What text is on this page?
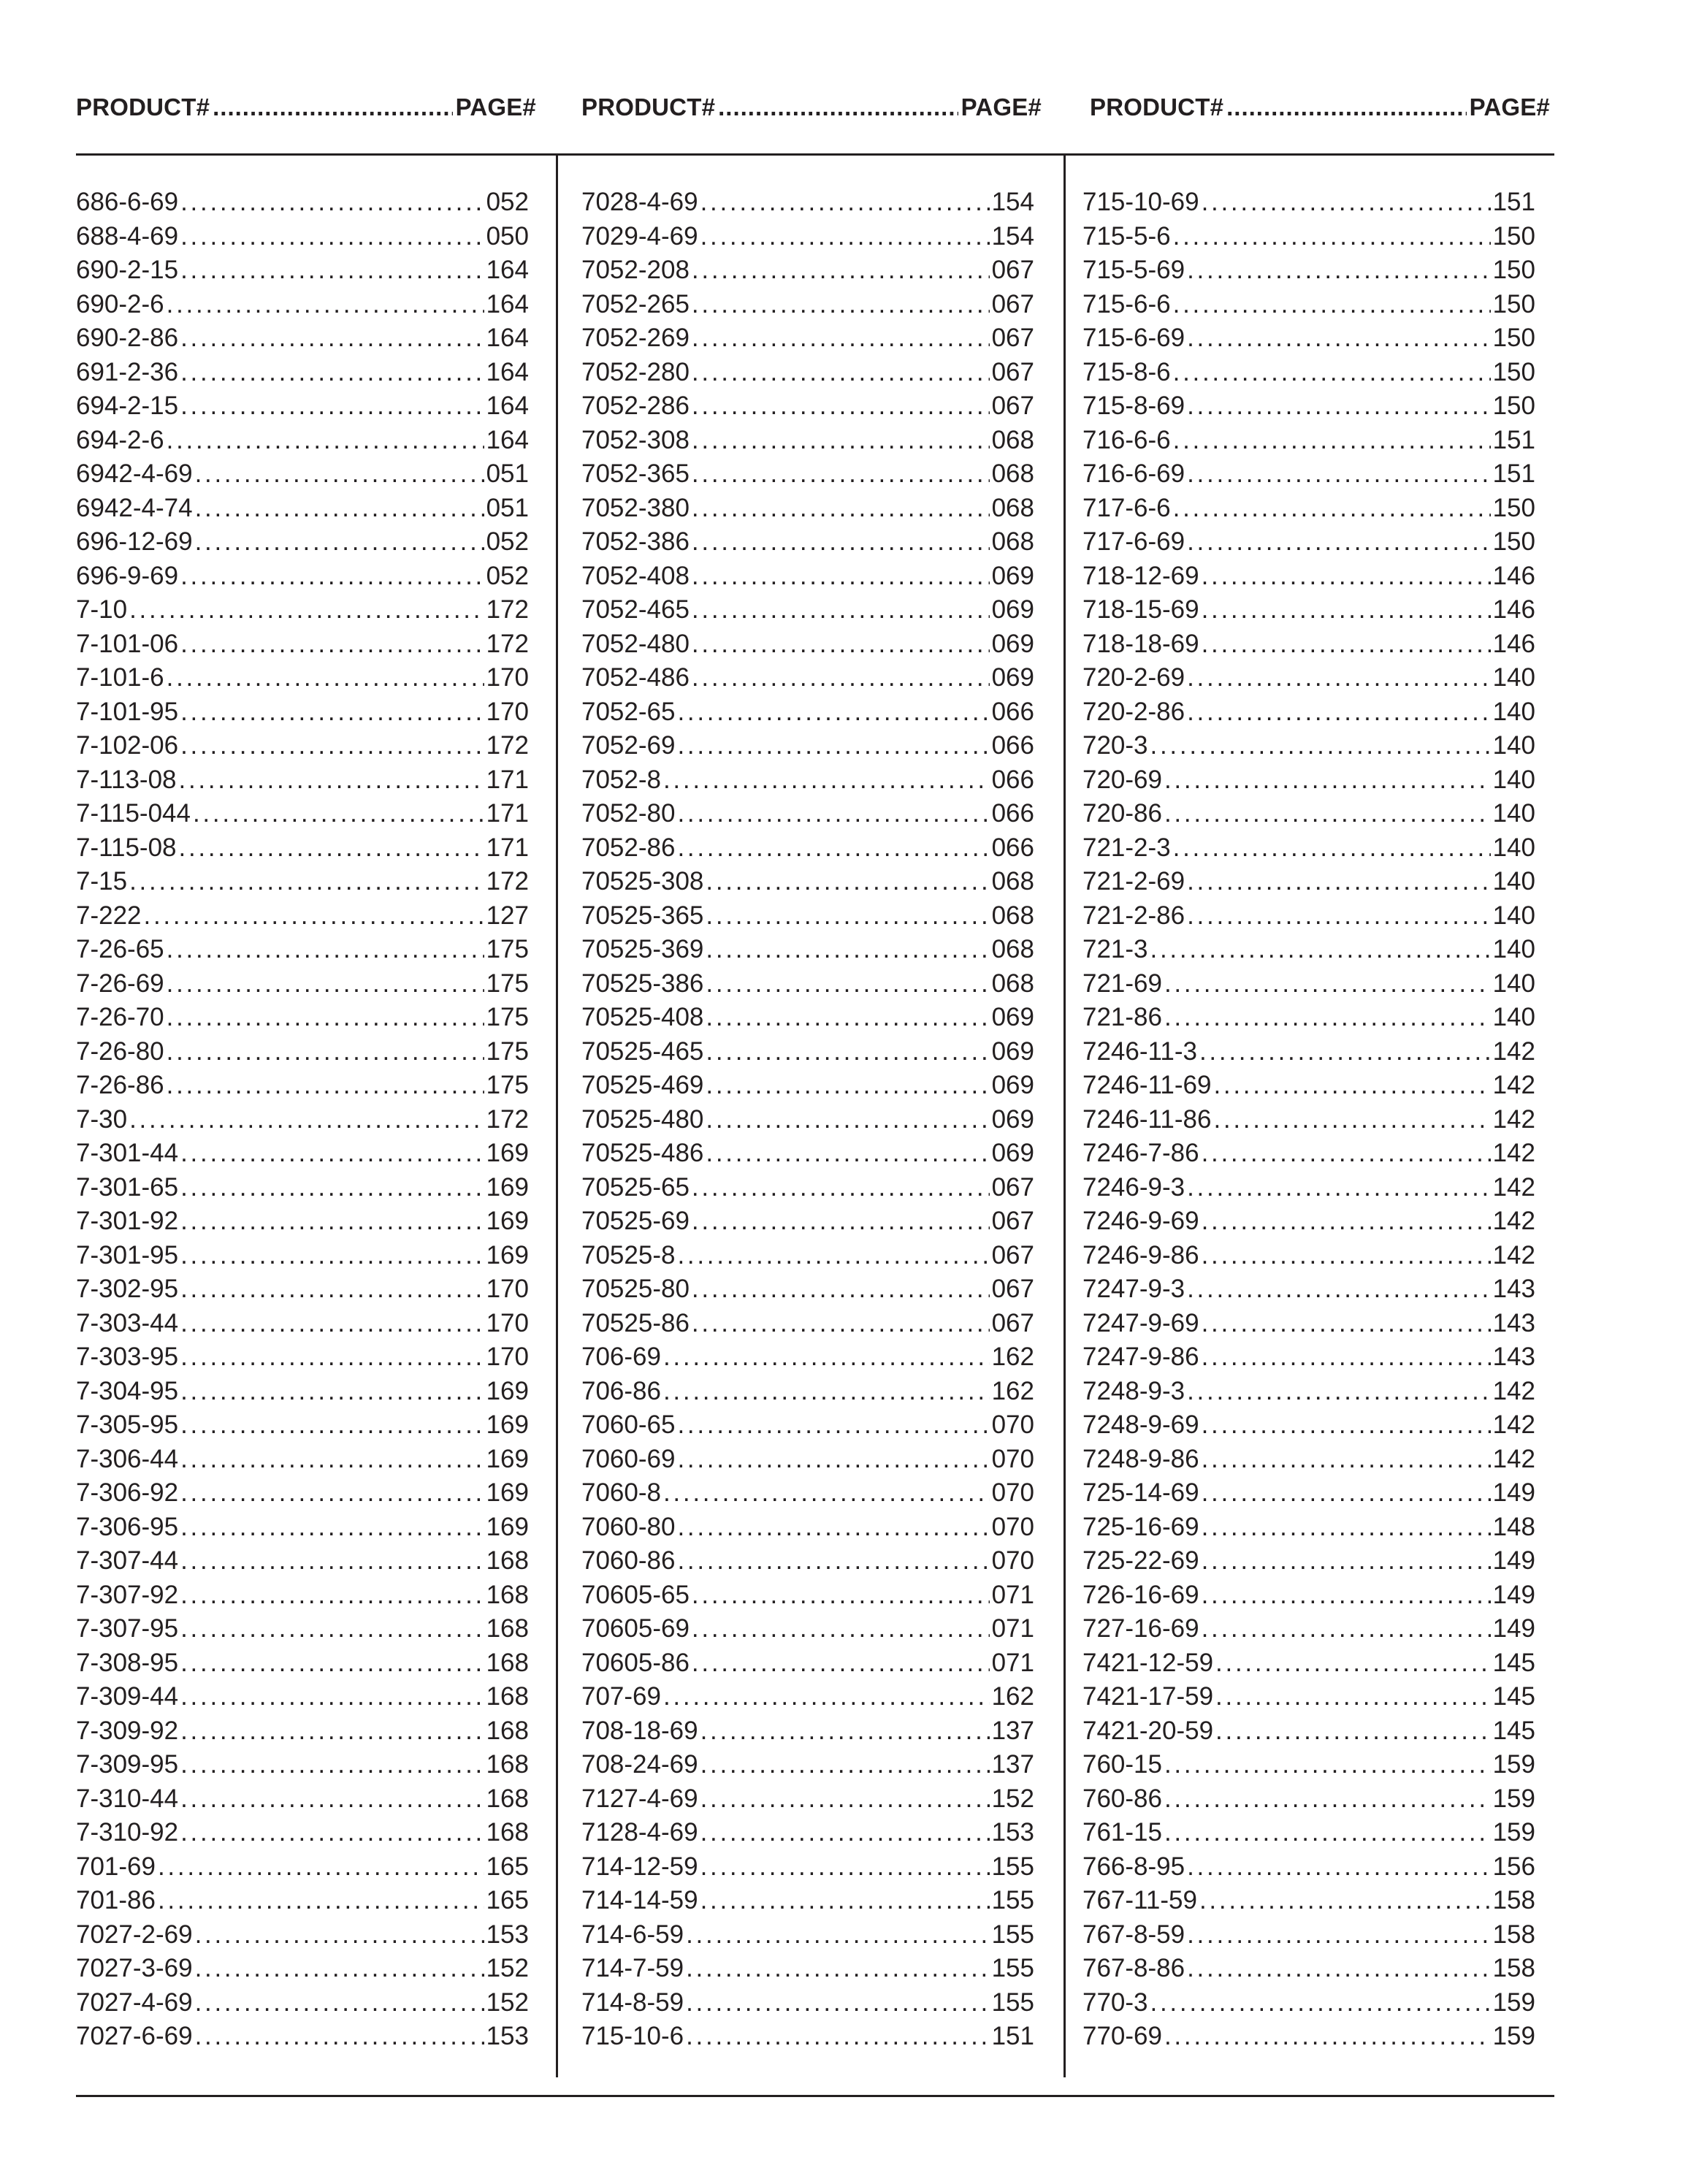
PRODUCT# .....	PAGE# PRODUCT# .....	PAGE# PRODUCT# .....	PAGE#
686-6-69 . . .	052
688-4-69 . . .	050
690-2-15 . . .	164
690-2-6 . . .	164
690-2-86 . . .	164
691-2-36 . . .	164
694-2-15 . . .	164
694-2-6 . . .	164
6942-4-69 . . .	051
6942-4-74 . . .	051
696-12-69 . . .	052
696-9-69 . . .	052
7-10 . . .	172
7-101-06 . . .	172
7-101-6 . . .	170
7-101-95 . . .	170
7-102-06 . . .	172
7-113-08 . . .	171
7-115-044 . . .	171
7-115-08 . . .	171
7-15 . . .	172
7-222 . . .	127
7-26-65 . . .	175
7-26-69 . . .	175
7-26-70 . . .	175
7-26-80 . . .	175
7-26-86 . . .	175
7-30 . . .	172
7-301-44 . . .	169
7-301-65 . . .	169
7-301-92 . . .	169
7-301-95 . . .	169
7-302-95 . . .	170
7-303-44 . . .	170
7-303-95 . . .	170
7-304-95 . . .	169
7-305-95 . . .	169
7-306-44 . . .	169
7-306-92 . . .	169
7-306-95 . . .	169
7-307-44 . . .	168
7-307-92 . . .	168
7-307-95 . . .	168
7-308-95 . . .	168
7-309-44 . . .	168
7-309-92 . . .	168
7-309-95 . . .	168
7-310-44 . . .	168
7-310-92 . . .	168
701-69 . . .	165
701-86 . . .	165
7027-2-69 . . .	153
7027-3-69 . . .	152
7027-4-69 . . .	152
7027-6-69 . . .	153
7028-4-69 . . .	154
7029-4-69 . . .	154
7052-208 . . .	067
7052-265 . . .	067
7052-269 . . .	067
7052-280 . . .	067
7052-286 . . .	067
7052-308 . . .	068
7052-365 . . .	068
7052-380 . . .	068
7052-386 . . .	068
7052-408 . . .	069
7052-465 . . .	069
7052-480 . . .	069
7052-486 . . .	069
7052-65 . . .	066
7052-69 . . .	066
7052-8 . . .	066
7052-80 . . .	066
7052-86 . . .	066
70525-308 . . .	068
70525-365 . . .	068
70525-369 . . .	068
70525-386 . . .	068
70525-408 . . .	069
70525-465 . . .	069
70525-469 . . .	069
70525-480 . . .	069
70525-486 . . .	069
70525-65 . . .	067
70525-69 . . .	067
70525-8 . . .	067
70525-80 . . .	067
70525-86 . . .	067
706-69 . . .	162
706-86 . . .	162
7060-65 . . .	070
7060-69 . . .	070
7060-8 . . .	070
7060-80 . . .	070
7060-86 . . .	070
70605-65 . . .	071
70605-69 . . .	071
70605-86 . . .	071
707-69 . . .	162
708-18-69 . . .	137
708-24-69 . . .	137
7127-4-69 . . .	152
7128-4-69 . . .	153
714-12-59 . . .	155
714-14-59 . . .	155
714-6-59 . . .	155
714-7-59 . . .	155
714-8-59 . . .	155
715-10-6 . . .	151
715-10-69 . . .	151
715-5-6 . . .	150
715-5-69 . . .	150
715-6-6 . . .	150
715-6-69 . . .	150
715-8-6 . . .	150
715-8-69 . . .	150
716-6-6 . . .	151
716-6-69 . . .	151
717-6-6 . . .	150
717-6-69 . . .	150
718-12-69 . . .	146
718-15-69 . . .	146
718-18-69 . . .	146
720-2-69 . . .	140
720-2-86 . . .	140
720-3 . . .	140
720-69 . . .	140
720-86 . . .	140
721-2-3 . . .	140
721-2-69 . . .	140
721-2-86 . . .	140
721-3 . . .	140
721-69 . . .	140
721-86 . . .	140
7246-11-3 . . .	142
7246-11-69 . . .	142
7246-11-86 . . .	142
7246-7-86 . . .	142
7246-9-3 . . .	142
7246-9-69 . . .	142
7246-9-86 . . .	142
7247-9-3 . . .	143
7247-9-69 . . .	143
7247-9-86 . . .	143
7248-9-3 . . .	142
7248-9-69 . . .	142
7248-9-86 . . .	142
725-14-69 . . .	149
725-16-69 . . .	148
725-22-69 . . .	149
726-16-69 . . .	149
727-16-69 . . .	149
7421-12-59 . . .	145
7421-17-59 . . .	145
7421-20-59 . . .	145
760-15 . . .	159
760-86 . . .	159
761-15 . . .	159
766-8-95 . . .	156
767-11-59 . . .	158
767-8-59 . . .	158
767-8-86 . . .	158
770-3 . . .	159
770-69 . . .	159
